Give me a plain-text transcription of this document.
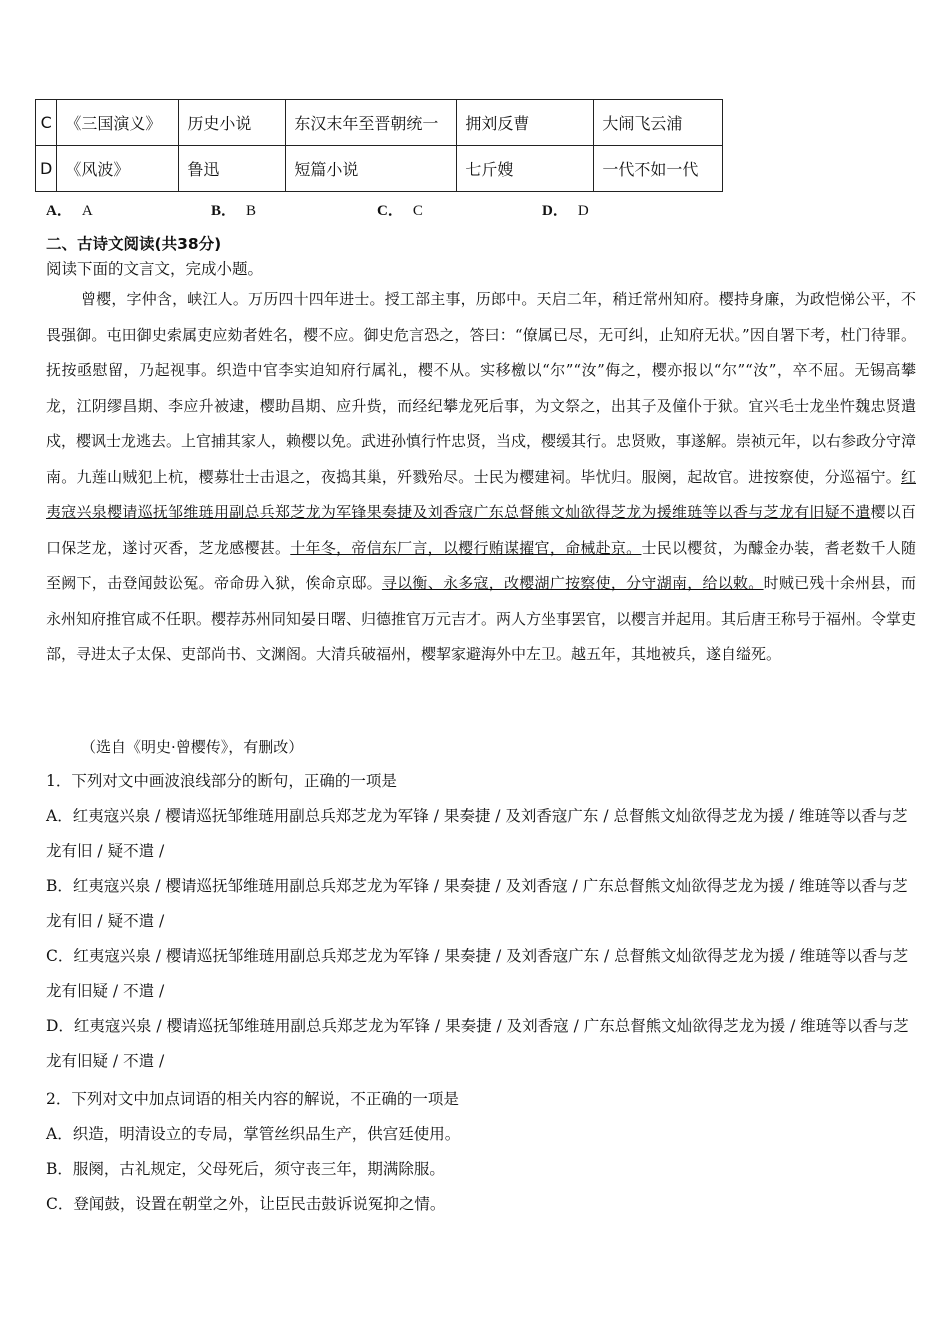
C	《三国演义》	历史小说	东汉末年至晋朝统一	拥刘反曹	大闹飞云浦
D	《风波》	鲁迅	短篇小说	七斤嫂	一代不如一代
A． A	B． B	C． C	D． D
二、古诗文阅读(共38分)
阅读下面的文言文，完成小题。
曾樱，字仲含，峡江人。万历四十四年进士。授工部主事，历郎中。天启二年，稍迁常州知府。樱持身廉，为政恺悌公平，不畏强御。屯田御史索属吏应劾者姓名，樱不应。御史危言恐之，答曰：“僚属已尽，无可纠，止知府无状。”因自署下考，杜门待罪。抚按亟慰留，乃起视事。织造中官李实迫知府行属礼，樱不从。实移檄以“尔”“汝”侮之，樱亦报以“尔”“汝”，卒不屈。无锡高攀龙，江阴缪昌期、李应升被逮，樱助昌期、应升赀，而经纪攀龙死后事，为文祭之，出其子及僮仆于狱。宜兴毛士龙坐忤魏忠贤遣戍，樱讽士龙逃去。上官捕其家人，赖樱以免。武进孙慎行忤忠贤，当戍，樱缓其行。忠贤败，事遂解。崇祯元年，以右参政分守漳南。九莲山贼犯上杭，樱募壮士击退之，夜捣其巢，歼戮殆尽。士民为樱建祠。毕忧归。服阕，起故官。进按察使，分巡福宁。红夷寇兴泉樱请巡抚邹维琏用副总兵郑芝龙为军锋果奏捷及刘香寇广东总督熊文灿欲得芝龙为援维琏等以香与芝龙有旧疑不遣樱以百口保芝龙，遂讨灭香，芝龙感樱甚。十年冬，帝信东厂言，以樱行贿谋擢官，命械赴京。士民以樱贫，为醵金办装，耆老数千人随至阙下，击登闻鼓讼冤。帝命毋入狱，俟命京邸。寻以衡、永多寇，改樱湖广按察使，分守湖南，给以敕。时贼已残十余州县，而永州知府推官咸不任职。樱荐苏州同知晏日曙、归德推官万元吉才。两人方坐事罢官，以樱言并起用。其后唐王称号于福州。令掌吏部，寻进太子太保、吏部尚书、文渊阁。大清兵破福州，樱挈家避海外中左卫。越五年，其地被兵，遂自缢死。
（选自《明史·曾樱传》，有删改）
1．下列对文中画波浪线部分的断句，正确的一项是
A．红夷寇兴泉 / 樱请巡抚邹维琏用副总兵郑芝龙为军锋 / 果奏捷 / 及刘香寇广东 / 总督熊文灿欲得芝龙为援 / 维琏等以香与芝龙有旧 / 疑不遣 /
B．红夷寇兴泉 / 樱请巡抚邹维琏用副总兵郑芝龙为军锋 / 果奏捷 / 及刘香寇 / 广东总督熊文灿欲得芝龙为援 / 维琏等以香与芝龙有旧 / 疑不遣 /
C．红夷寇兴泉 / 樱请巡抚邹维琏用副总兵郑芝龙为军锋 / 果奏捷 / 及刘香寇广东 / 总督熊文灿欲得芝龙为援 / 维琏等以香与芝龙有旧疑 / 不遣 /
D．红夷寇兴泉 / 樱请巡抚邹维琏用副总兵郑芝龙为军锋 / 果奏捷 / 及刘香寇 / 广东总督熊文灿欲得芝龙为援 / 维琏等以香与芝龙有旧疑 / 不遣 /
2．下列对文中加点词语的相关内容的解说，不正确的一项是
A．织造，明清设立的专局，掌管丝织品生产，供宫廷使用。
B．服阕，古礼规定，父母死后，须守丧三年，期满除服。
C．登闻鼓，设置在朝堂之外，让臣民击鼓诉说冤抑之情。
